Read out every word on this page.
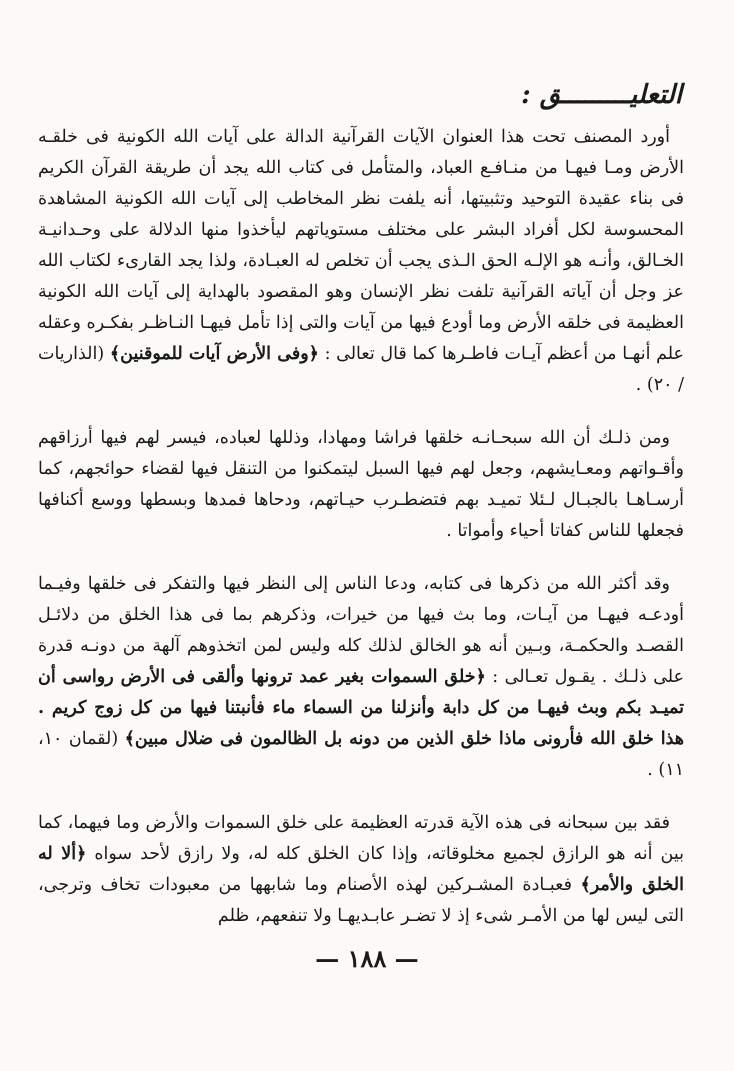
التعليـــــــــق :

أورد المصنف تحت هذا العنوان الآيات القرآنية الدالة على آيات الله الكونية فى خلقـه الأرض ومـا فيهـا من منـافـع العباد، والمتأمل فى كتاب الله يجد أن طريقة القرآن الكريم فى بناء عقيدة التوحيد وتثبيتها، أنه يلفت نظر المخاطب إلى آيات الله الكونية المشاهدة المحسوسة لكل أفراد البشر على مختلف مستوياتهم ليأخذوا منها الدلالة على وحـدانيـة الخـالق، وأنـه هو الإلـه الحق الـذى يجب أن تخلص له العبـادة، ولذا يجد القارىء لكتاب الله عز وجل أن آياته القرآنية تلفت نظر الإنسان وهو المقصود بالهداية إلى آيات الله الكونية العظيمة فى خلقه الأرض وما أودع فيها من آيات والتى إذا تأمل فيهـا النـاظـر بفكـره وعقله علم أنهـا من أعظم آيـات فاطـرها كما قال تعالى : ﴿وفى الأرض آيات للموقنين﴾ (الذاريات / ٢٠) .

ومن ذلـك أن الله سبحـانـه خلقها فراشا ومهادا، وذللها لعباده، فيسر لهم فيها أرزاقهم وأقـواتهم ومعـايشهم، وجعل لهم فيها السبل ليتمكنوا من التنقل فيها لقضاء حوائجهم، كما أرسـاهـا بالجبـال لـئلا تميـد بهم فتضطـرب حيـاتهم، ودحاها فمدها وبسطها ووسع أكنافها فجعلها للناس كفاتا أحياء وأمواتا .

وقد أكثر الله من ذكرها فى كتابه، ودعا الناس إلى النظر فيها والتفكر فى خلقها وفيـما أودعـه فيهـا من آيـات، وما بث فيها من خيرات، وذكرهم بما فى هذا الخلق من دلائـل القصـد والحكمـة، وبـين أنه هو الخالق لذلك كله وليس لمن اتخذوهم آلهة من دونـه قدرة على ذلـك . يقـول تعـالى : ﴿خلق السموات بغير عمد ترونها وألقى فى الأرض رواسى أن تميـد بكم وبث فيهـا من كل دابة وأنزلنا من السماء ماء فأنبتنا فيها من كل زوج كريم . هذا خلق الله فأرونى ماذا خلق الذين من دونه بل الظالمون فى ضلال مبين﴾ (لقمان ١٠، ١١) .

فقد بين سبحانه فى هذه الآية قدرته العظيمة على خلق السموات والأرض وما فيهما، كما بين أنه هو الرازق لجميع مخلوقاته، وإذا كان الخلق كله له، ولا رازق لأحد سواه ﴿ألا له الخلق والأمر﴾ فعبـادة المشـركين لهذه الأصنام وما شابهها من معبودات تخاف وترجى، التى ليس لها من الأمـر شىء إذ لا تضـر عابـديهـا ولا تنفعهم، ظلم

— ١٨٨ —
